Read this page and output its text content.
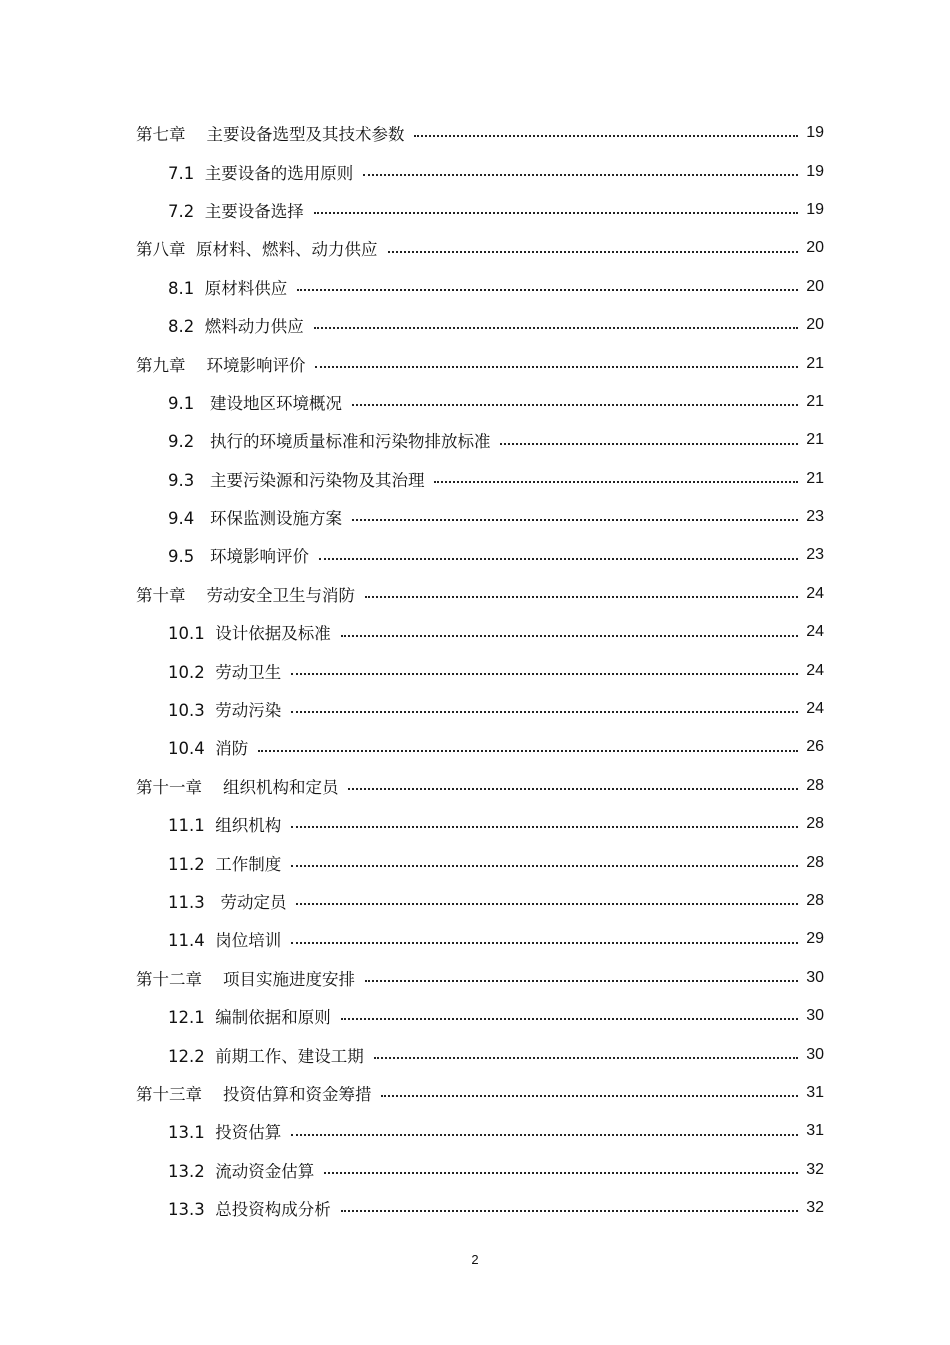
第七章    主要设备选型及其技术参数	19
7.1  主要设备的选用原则	19
7.2  主要设备选择	19
第八章  原材料、燃料、动力供应	20
8.1  原材料供应	20
8.2  燃料动力供应	20
第九章    环境影响评价	21
9.1   建设地区环境概况	21
9.2   执行的环境质量标准和污染物排放标准	21
9.3   主要污染源和污染物及其治理	21
9.4   环保监测设施方案	23
9.5   环境影响评价	23
第十章    劳动安全卫生与消防	24
10.1  设计依据及标准	24
10.2  劳动卫生	24
10.3  劳动污染	24
10.4  消防	26
第十一章    组织机构和定员	28
11.1  组织机构	28
11.2  工作制度	28
11.3   劳动定员	28
11.4  岗位培训	29
第十二章    项目实施进度安排	30
12.1  编制依据和原则	30
12.2  前期工作、建设工期	30
第十三章    投资估算和资金筹措	31
13.1  投资估算	31
13.2  流动资金估算	32
13.3  总投资构成分析	32
2
